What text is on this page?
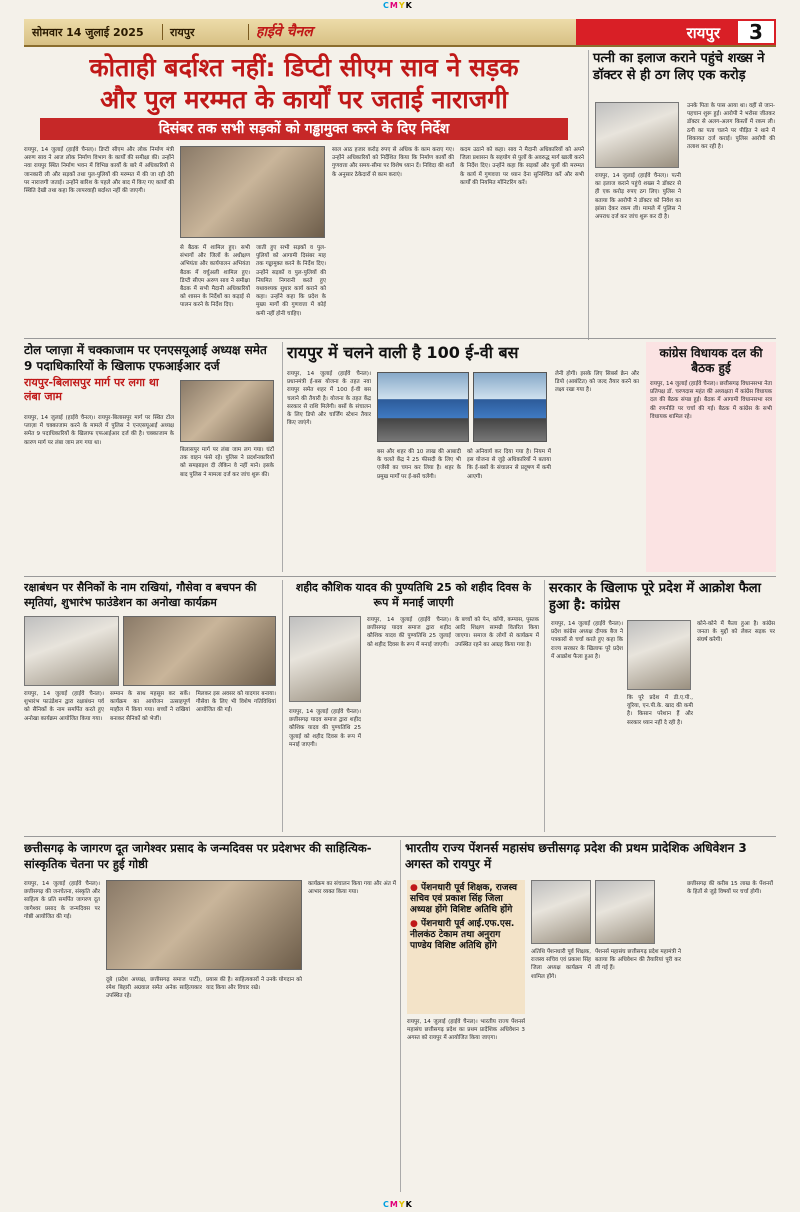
CMYK
सोमवार 14 जुलाई 2025 रायपुर	हाईवे चैनल	रायपुर	3
कोताही बर्दाश्त नहीं: डिप्टी सीएम साव ने सड़क
और पुल मरम्मत के कार्यों पर जताई नाराजगी
दिसंबर तक सभी सड़कों को गड्ढामुक्त करने के दिए निर्देश
रायपुर, 14 जुलाई (हाईवे चैनल)। डिप्टी सीएम और लोक निर्माण मंत्री अरुण साव ने आज लोक निर्माण विभाग के कार्यों की समीक्षा की। उन्होंने नवा रायपुर स्थित निर्माण भवन में विभिन्न कार्यों के बारे में अधिकारियों से जानकारी ली और सड़कों तथा पुल-पुलियों की मरम्मत में की जा रही देरी पर नाराजगी जताई। उन्होंने बारिश के पहले और बाद में किए गए कार्यों की स्थिति देखी तथा कहा कि लापरवाही बर्दाश्त नहीं की जाएगी।
से बैठक में शामिल हुए। सभी संभागों और जिलों के अधीक्षण अभियंता और कार्यपालन अभियंता बैठक में वर्चुअली शामिल हुए। डिप्टी सीएम अरुण साव ने समीक्षा बैठक में सभी मैदानी अधिकारियों को शासन के निर्देशों का कड़ाई से पालन करने के निर्देश दिए।
जाती हुए सभी सड़कों व पुल-पुलियों को आगामी दिसंबर माह तक गड्ढामुक्त करने के निर्देश दिए। उन्होंने सड़कों व पुल-पुलियों की नियमित निगरानी करते हुए यथावश्यक सुधार कार्य कराने को कहा। उन्होंने कहा कि प्रदेश के मुख्य मार्गों की गुणवत्ता में कोई कमी नहीं होनी चाहिए।
साल आठ हजार करोड़ रुपए से अधिक के काम कराए गए। उन्होंने अधिकारियों को निर्देशित किया कि निर्माण कार्यों की गुणवत्ता और समय-सीमा पर विशेष ध्यान दें। निविदा की शर्तों के अनुसार ठेकेदारों से काम कराएं।
कदम उठाने को कहा। साव ने मैदानी अधिकारियों को अपने जिला प्रशासन के सहयोग से पुलों के अवरुद्ध मार्ग खाली करने के निर्देश दिए। उन्होंने कहा कि सड़कों और पुलों की मरम्मत के कार्य में गुणवत्ता पर ध्यान देना सुनिश्चित करें और सभी कार्यों की नियमित मॉनिटरिंग करें।
पत्नी का इलाज कराने पहुंचे शख्स ने डॉक्टर से ही ठग लिए एक करोड़
रायपुर, 14 जुलाई (हाईवे चैनल)। पत्नी का इलाज कराने पहुंचे शख्स ने डॉक्टर से ही एक करोड़ रुपए ठग लिए। पुलिस ने बताया कि आरोपी ने डॉक्टर को निवेश का झांसा देकर रकम ली। मामले में पुलिस ने अपराध दर्ज कर जांच शुरू कर दी है।
उनके पिता के पास आया था। वहीं से जान-पहचान शुरू हुई। आरोपी ने भरोसा जीतकर डॉक्टर से अलग-अलग किस्तों में रकम ली। ठगी का पता चलने पर पीड़ित ने थाने में शिकायत दर्ज कराई। पुलिस आरोपी की तलाश कर रही है।
टोल प्लाज़ा में चक्काजाम पर एनएसयूआई अध्यक्ष समेत 9 पदाधिकारियों के खिलाफ एफआईआर दर्ज
रायपुर-बिलासपुर मार्ग पर लगा था लंबा जाम
रायपुर, 14 जुलाई (हाईवे चैनल)। रायपुर-बिलासपुर मार्ग पर स्थित टोल प्लाज़ा में चक्काजाम करने के मामले में पुलिस ने एनएसयूआई अध्यक्ष समेत 9 पदाधिकारियों के खिलाफ एफआईआर दर्ज की है। चक्काजाम के कारण मार्ग पर लंबा जाम लग गया था।
बिलासपुर मार्ग पर लंबा जाम लग गया। घंटों तक वाहन फंसे रहे। पुलिस ने प्रदर्शनकारियों को समझाइश दी लेकिन वे नहीं माने। इसके बाद पुलिस ने मामला दर्ज कर जांच शुरू की।
रायपुर में चलने वाली है 100 ई-वी बस
रायपुर, 14 जुलाई (हाईवे चैनल)। प्रधानमंत्री ई-बस योजना के तहत नवा रायपुर समेत शहर में 100 ई-वी बस चलाने की तैयारी है। योजना के तहत केंद्र सरकार से राशि मिलेगी। बसों के संचालन के लिए डिपो और चार्जिंग स्टेशन तैयार किए जाएंगे।
बस और शहर की 10 लाख की आबादी के चलते केंद्र ने 25 फीसदी के लिए भी एजेंसी का चयन कर लिया है। शहर के प्रमुख मार्गों पर ई-बसें चलेंगी।
को अनिवार्य कर दिया गया है। नियम में इस योजना से जुड़े अधिकारियों ने बताया कि ई-बसों के संचालन से प्रदूषण में कमी आएगी।
लेनी होगी। इसके लिए सिबर्स क्रेन और डिपो (आबंटित) को जल्द तैयार करने का लक्ष्य रखा गया है।
कांग्रेस विधायक दल की बैठक हुई
रायपुर, 14 जुलाई (हाईवे चैनल)। छत्तीसगढ़ विधानसभा नेता प्रतिपक्ष डॉ. चरणदास महंत की अध्यक्षता में कांग्रेस विधायक दल की बैठक संपन्न हुई। बैठक में आगामी विधानसभा सत्र की रणनीति पर चर्चा की गई। बैठक में कांग्रेस के सभी विधायक शामिल रहे।
रक्षाबंधन पर सैनिकों के नाम राखियां, गौसेवा व बचपन की स्मृतियां, शुभारंभ फाउंडेशन का अनोखा कार्यक्रम
रायपुर, 14 जुलाई (हाईवे चैनल)। शुभारंभ फाउंडेशन द्वारा रक्षाबंधन पर्व को सैनिकों के नाम समर्पित करते हुए अनोखा कार्यक्रम आयोजित किया गया।
सम्मान के साथ महसूस कर सकें। कार्यक्रम का आयोजन उत्साहपूर्ण माहौल में किया गया। बच्चों ने राखियां बनाकर सैनिकों को भेजीं।
मिलकर इस अवसर को यादगार बनाया। गौसेवा के लिए भी विशेष गतिविधियां आयोजित की गईं।
शहीद कौशिक यादव की पुण्यतिथि 25 को शहीद दिवस के रूप में मनाई जाएगी
रायपुर, 14 जुलाई (हाईवे चैनल)। छत्तीसगढ़ यादव समाज द्वारा शहीद कौशिक यादव की पुण्यतिथि 25 जुलाई को शहीद दिवस के रूप में मनाई जाएगी।
के बच्चों को पेन, कॉपी, कम्पास, पुस्तक आदि शिक्षण सामग्री वितरित किया जाएगा। समाज के लोगों से कार्यक्रम में उपस्थित रहने का आग्रह किया गया है।
रायपुर, 14 जुलाई (हाईवे चैनल)। छत्तीसगढ़ यादव समाज द्वारा शहीद कौशिक यादव की पुण्यतिथि 25 जुलाई को शहीद दिवस के रूप में मनाई जाएगी।
सरकार के खिलाफ पूरे प्रदेश में आक्रोश फैला हुआ है: कांग्रेस
रायपुर, 14 जुलाई (हाईवे चैनल)। प्रदेश कांग्रेस अध्यक्ष दीपक बैज ने पत्रकारों से चर्चा करते हुए कहा कि राज्य सरकार के खिलाफ पूरे प्रदेश में आक्रोश फैला हुआ है।
कि पूरे प्रदेश में डी.ए.पी., यूरिया, एन.पी.के. खाद की कमी है। किसान परेशान हैं और सरकार ध्यान नहीं दे रही है।
कोने-कोने में फैला हुआ है। कांग्रेस जनता के मुद्दों को लेकर सड़क पर संघर्ष करेगी।
छत्तीसगढ़ के जागरण दूत जागेश्वर प्रसाद के जन्मदिवस पर प्रदेशभर की साहित्यिक-सांस्कृतिक चेतना पर हुई गोष्ठी
रायपुर, 14 जुलाई (हाईवे चैनल)। छत्तीसगढ़ की जनचेतना, संस्कृति और साहित्य के प्रति समर्पित जागरण दूत जागेश्वर प्रसाद के जन्मदिवस पर गोष्ठी आयोजित की गई।
दूबे (प्रदेश अध्यक्ष, छत्तीसगढ़ समाज पार्टी), रमेश बिहारी अग्रवाल समेत अनेक साहित्यकार उपस्थित रहे।
प्रयास की है। साहित्यकारों ने उनके योगदान को याद किया और विचार रखे।
कार्यक्रम का संचालन किया गया और अंत में आभार व्यक्त किया गया।
भारतीय राज्य पेंशनर्स महासंघ छत्तीसगढ़ प्रदेश की प्रथम प्रादेशिक अधिवेशन 3 अगस्त को रायपुर में
● पेंशनधारी पूर्व शिक्षक, राजस्व सचिव एवं प्रकाश सिंह जिला अध्यक्ष होंगे विशिष्ट अतिथि होंगे
● पेंशनधारी पूर्व आई.एफ.एस. नीलकंठ टेकाम तथा अनुराग पाण्डेय विशिष्ट अतिथि होंगे
रायपुर, 14 जुलाई (हाईवे चैनल)। भारतीय राज्य पेंशनर्स महासंघ छत्तीसगढ़ प्रदेश का प्रथम प्रादेशिक अधिवेशन 3 अगस्त को रायपुर में आयोजित किया जाएगा।
अतिथि पेंशनधारी पूर्व शिक्षक, राजस्व सचिव एवं प्रकाश सिंह जिला अध्यक्ष कार्यक्रम में शामिल होंगे।
पेंशनर्स महासंघ छत्तीसगढ़ प्रदेश महामंत्री ने बताया कि अधिवेशन की तैयारियां पूरी कर ली गई हैं।
छत्तीसगढ़ की करीब 15 लाख के पेंशनरों के हितों से जुड़े विषयों पर चर्चा होगी।
CMYK
